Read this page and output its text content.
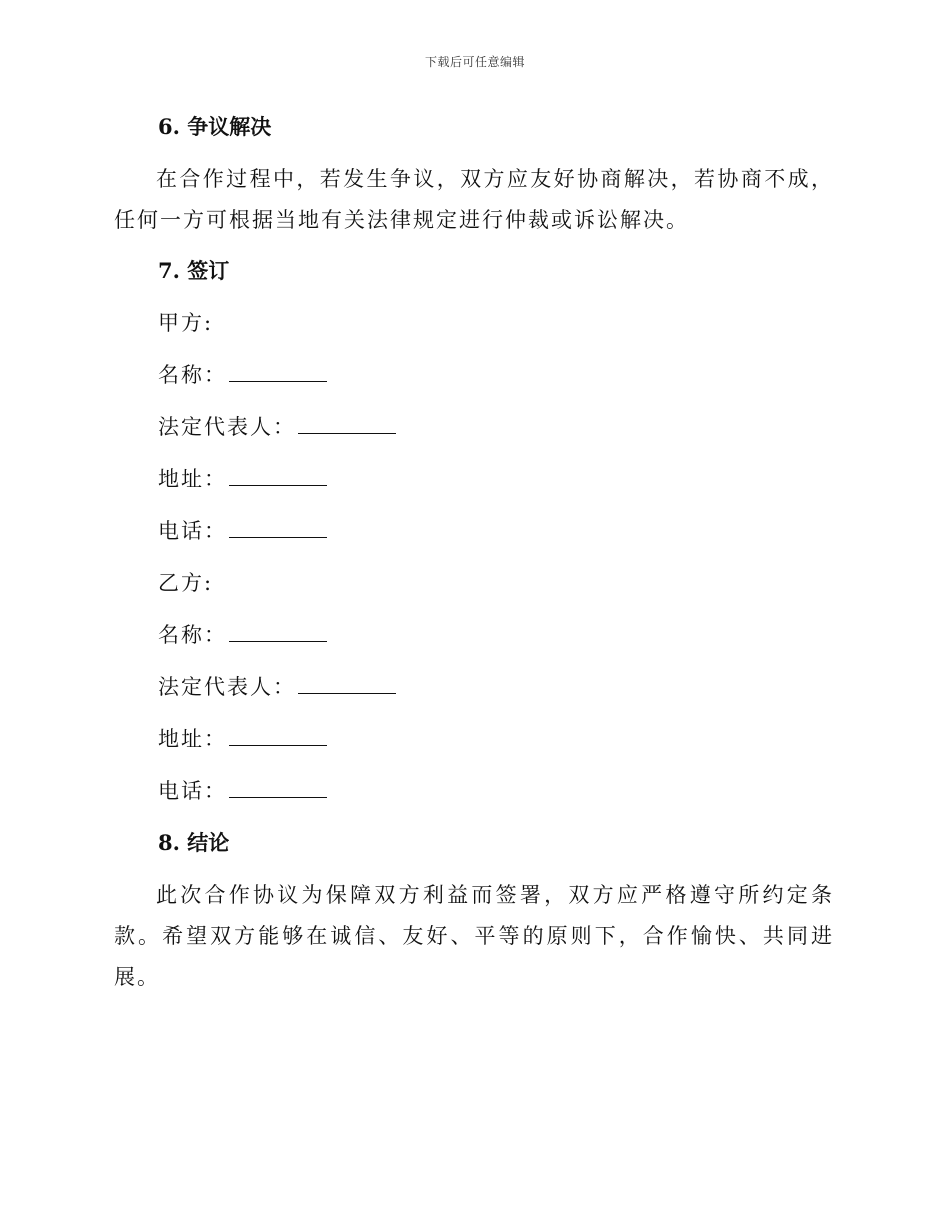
下载后可任意编辑
6. 争议解决

在合作过程中，若发生争议，双方应友好协商解决，若协商不成，任何一方可根据当地有关法律规定进行仲裁或诉讼解决。

7. 签订
甲方:
名称：
法定代表人：
地址：
电话：
乙方:
名称：
法定代表人：
地址：
电话：
8. 结论

此次合作协议为保障双方利益而签署，双方应严格遵守所约定条款。希望双方能够在诚信、友好、平等的原则下，合作愉快、共同进展。
